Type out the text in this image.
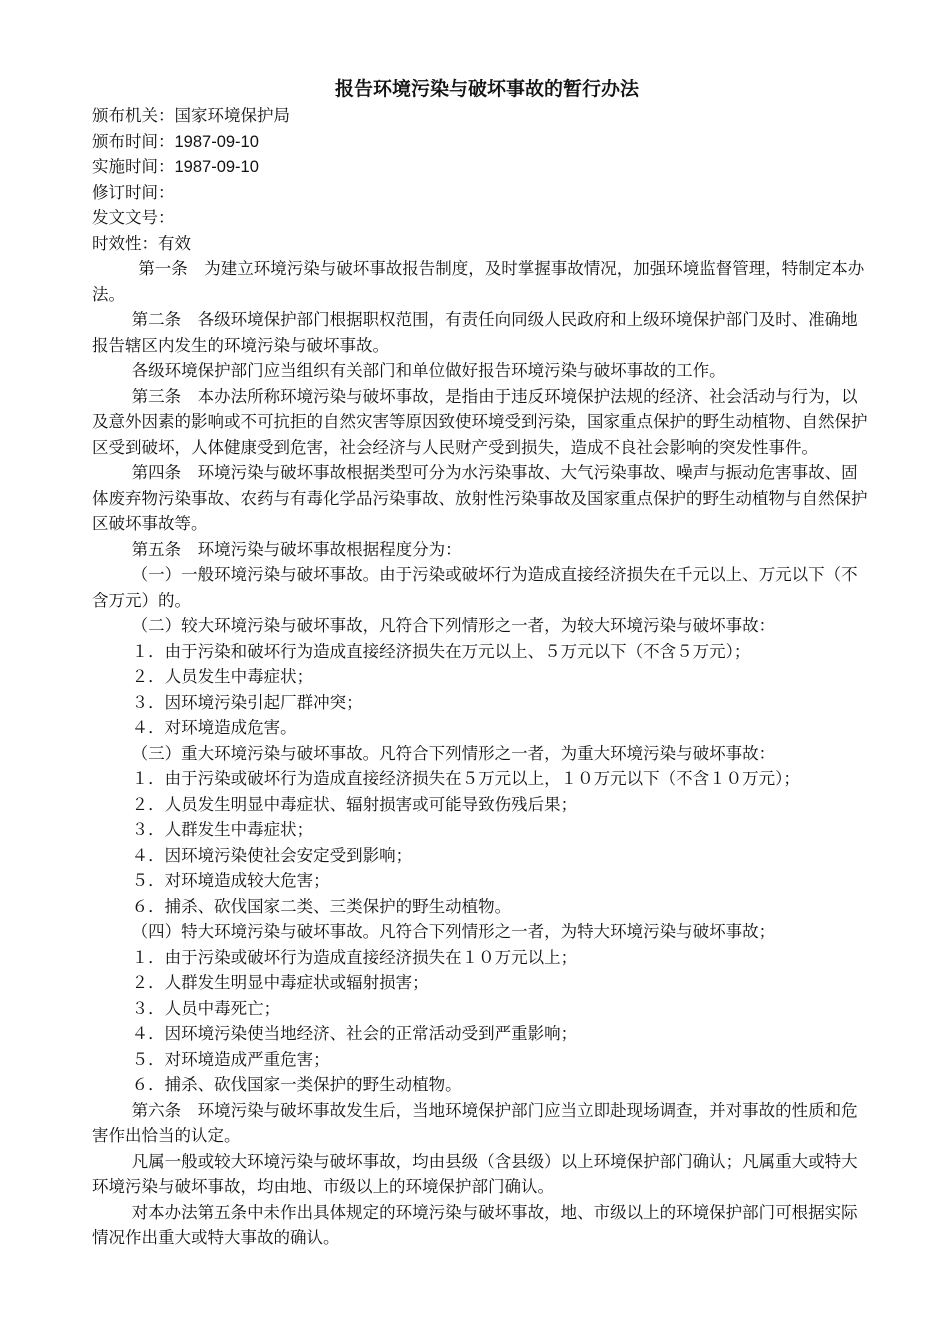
报告环境污染与破坏事故的暂行办法
颁布机关：国家环境保护局
颁布时间：1987-09-10
实施时间：1987-09-10
修订时间：
发文文号：
时效性：有效

第一条　为建立环境污染与破坏事故报告制度，及时掌握事故情况，加强环境监督管理，特制定本办法。

第二条　各级环境保护部门根据职权范围，有责任向同级人民政府和上级环境保护部门及时、准确地报告辖区内发生的环境污染与破坏事故。

各级环境保护部门应当组织有关部门和单位做好报告环境污染与破坏事故的工作。

第三条　本办法所称环境污染与破坏事故，是指由于违反环境保护法规的经济、社会活动与行为，以及意外因素的影响或不可抗拒的自然灾害等原因致使环境受到污染，国家重点保护的野生动植物、自然保护区受到破坏，人体健康受到危害，社会经济与人民财产受到损失，造成不良社会影响的突发性事件。

第四条　环境污染与破坏事故根据类型可分为水污染事故、大气污染事故、噪声与振动危害事故、固体废弃物污染事故、农药与有毒化学品污染事故、放射性污染事故及国家重点保护的野生动植物与自然保护区破坏事故等。

第五条　环境污染与破坏事故根据程度分为：

（一）一般环境污染与破坏事故。由于污染或破坏行为造成直接经济损失在千元以上、万元以下（不含万元）的。

（二）较大环境污染与破坏事故，凡符合下列情形之一者，为较大环境污染与破坏事故：

１．由于污染和破坏行为造成直接经济损失在万元以上、５万元以下（不含５万元）；

２．人员发生中毒症状；

３．因环境污染引起厂群冲突；

４．对环境造成危害。

（三）重大环境污染与破坏事故。凡符合下列情形之一者，为重大环境污染与破坏事故：

１．由于污染或破坏行为造成直接经济损失在５万元以上，１０万元以下（不含１０万元）；

２．人员发生明显中毒症状、辐射损害或可能导致伤残后果；

３．人群发生中毒症状；

４．因环境污染使社会安定受到影响；

５．对环境造成较大危害；

６．捕杀、砍伐国家二类、三类保护的野生动植物。

（四）特大环境污染与破坏事故。凡符合下列情形之一者，为特大环境污染与破坏事故；

１．由于污染或破坏行为造成直接经济损失在１０万元以上；

２．人群发生明显中毒症状或辐射损害；

３．人员中毒死亡；

４．因环境污染使当地经济、社会的正常活动受到严重影响；

５．对环境造成严重危害；

６．捕杀、砍伐国家一类保护的野生动植物。

第六条　环境污染与破坏事故发生后，当地环境保护部门应当立即赴现场调查，并对事故的性质和危害作出恰当的认定。

凡属一般或较大环境污染与破坏事故，均由县级（含县级）以上环境保护部门确认；凡属重大或特大环境污染与破坏事故，均由地、市级以上的环境保护部门确认。

对本办法第五条中未作出具体规定的环境污染与破坏事故，地、市级以上的环境保护部门可根据实际情况作出重大或特大事故的确认。
